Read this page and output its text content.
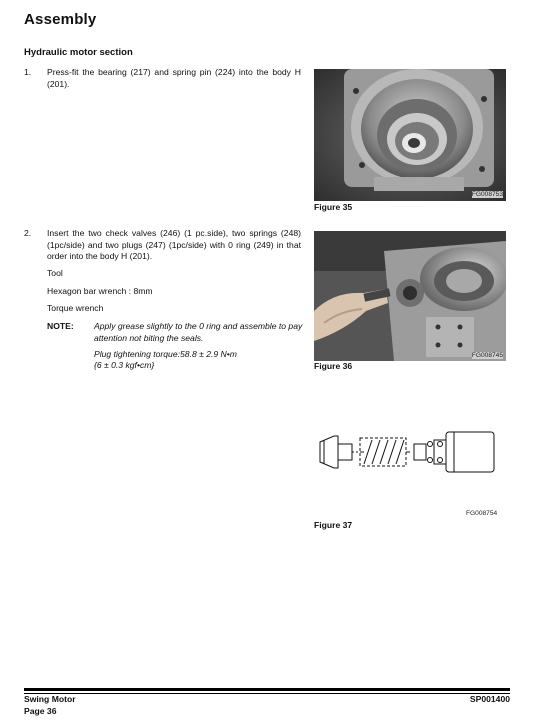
Assembly
Hydraulic motor section
1. Press-fit the bearing (217) and spring pin (224) into the body H (201).
FG008753
Figure 35
2. Insert the two check valves (246) (1 pc.side), two springs (248) (1pc/side) and two plugs (247) (1pc/side) with 0 ring (249) in that order into the body H (201).
Tool
Hexagon bar wrench : 8mm
Torque wrench
NOTE: Apply grease slightly to the 0 ring and assemble to pay attention not biting the seals.
Plug tightening torque:58.8 ± 2.9 N•m
{6 ± 0.3 kgf•cm}
FG008745
Figure 36
FG008754
Figure 37
Swing Motor
Page 36
SP001400
